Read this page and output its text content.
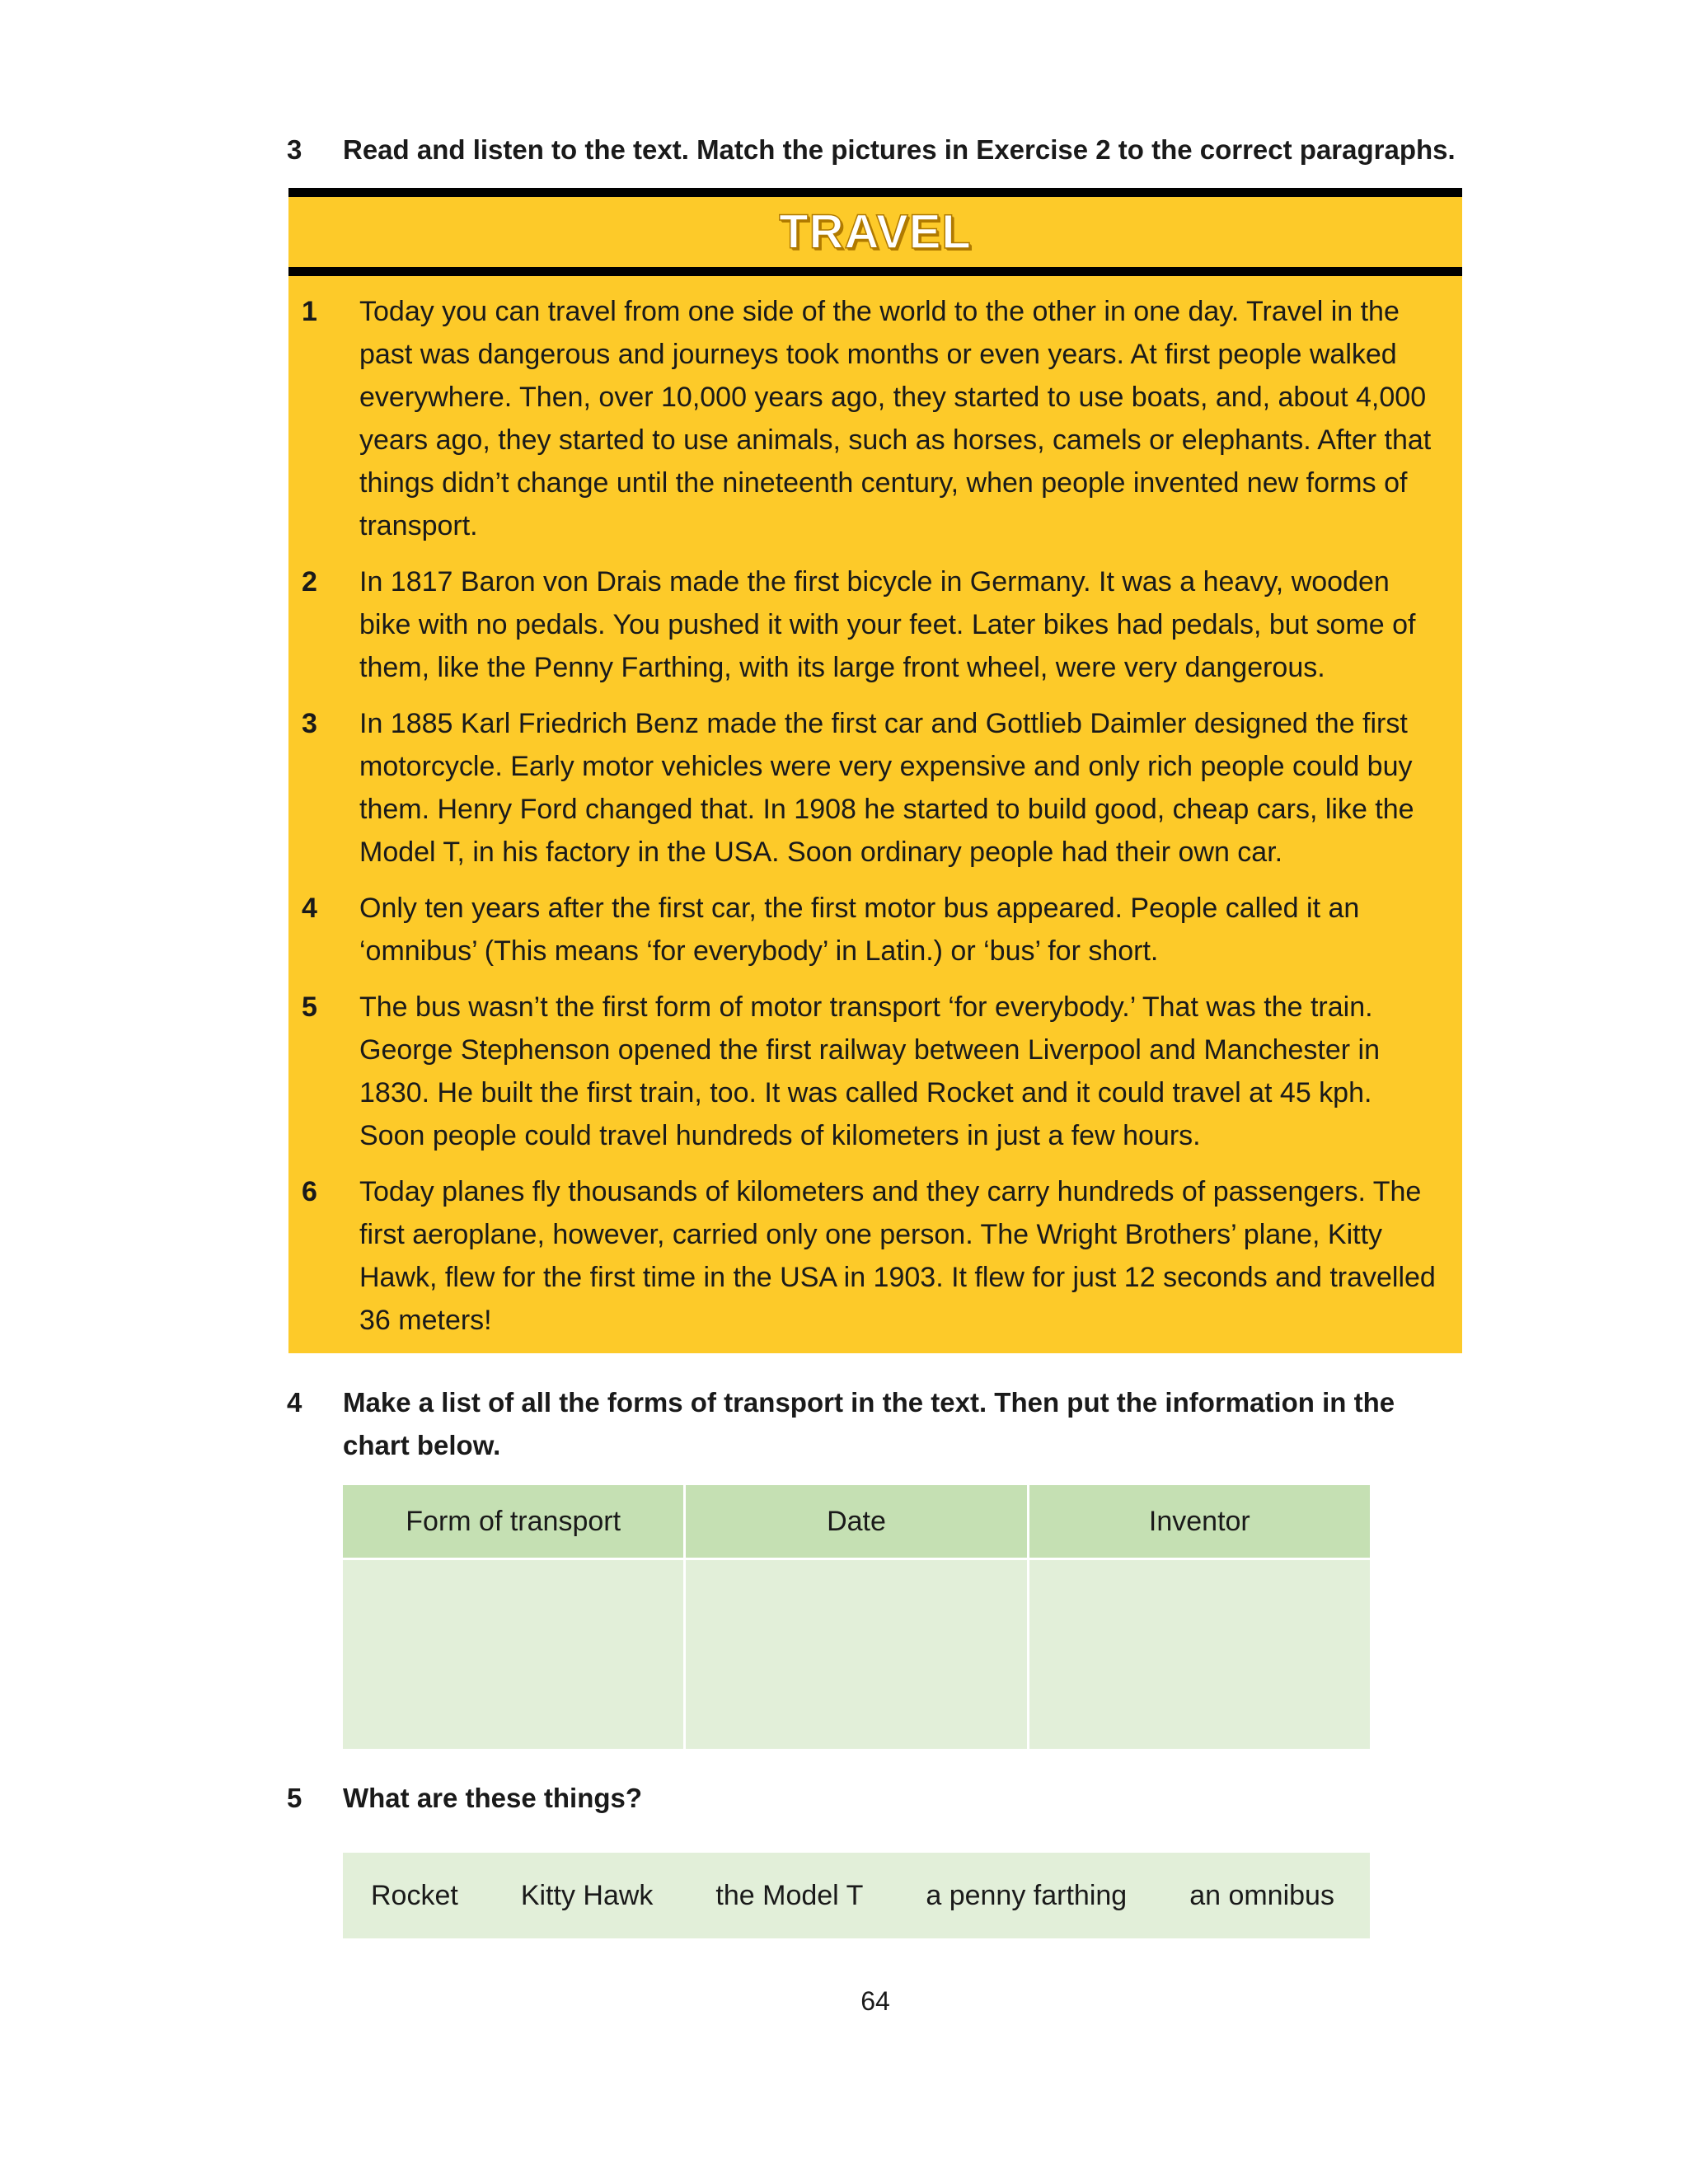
3	Read and listen to the text. Match the pictures in Exercise 2 to the correct paragraphs.
TRAVEL
1	Today you can travel from one side of the world to the other in one day. Travel in the past was dangerous and journeys took months or even years. At first people walked everywhere. Then, over 10,000 years ago, they started to use boats, and, about 4,000 years ago, they started to use animals, such as horses, camels or elephants. After that things didn’t change until the nineteenth century, when people invented new forms of transport.
2	In 1817 Baron von Drais made the first bicycle in Germany. It was a heavy, wooden bike with no pedals. You pushed it with your feet. Later bikes had pedals, but some of them, like the Penny Farthing, with its large front wheel, were very dangerous.
3	In 1885 Karl Friedrich Benz made the first car and Gottlieb Daimler designed the first motorcycle. Early motor vehicles were very expensive and only rich people could buy them. Henry Ford changed that. In 1908 he started to build good, cheap cars, like the Model T, in his factory in the USA. Soon ordinary people had their own car.
4	Only ten years after the first car, the first motor bus appeared. People called it an ‘omnibus’ (This means ‘for everybody’ in Latin.) or ‘bus’ for short.
5	The bus wasn’t the first form of motor transport ‘for everybody.’ That was the train. George Stephenson opened the first railway between Liverpool and Manchester in 1830. He built the first train, too. It was called Rocket and it could travel at 45 kph. Soon people could travel hundreds of kilometers in just a few hours.
6	Today planes fly thousands of kilometers and they carry hundreds of passengers. The first aeroplane, however, carried only one person. The Wright Brothers’ plane, Kitty Hawk, flew for the first time in the USA in 1903. It flew for just 12 seconds and travelled 36 meters!
4	Make a list of all the forms of transport in the text. Then put the information in the
chart below.
Form of transport	Date	Inventor
5	What are these things?
Rocket Kitty Hawk the Model T a penny farthing an omnibus
64
